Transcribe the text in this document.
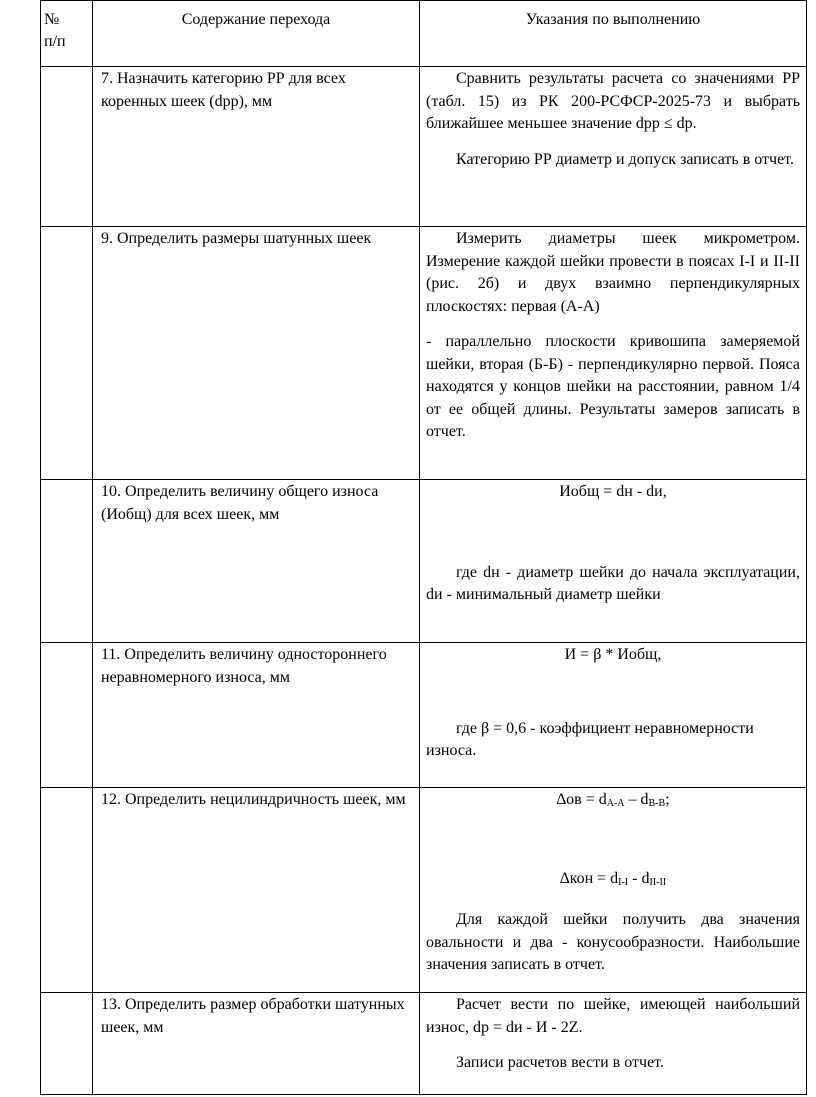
№
п/п	Содержание перехода	Указания по выполнению
	7. Назначить категорию РР для всех коренных шеек (dрр), мм	Сравнить результаты расчета со значениями РР (табл. 15) из РК 200-РСФСР-2025-73 и выбрать ближайшее меньшее значение dрр ≤ dр.
Категорию РР диаметр и допуск записать в отчет.

	9. Определить размеры шатунных шеек	Измерить диаметры шеек микрометром. Измерение каждой шейки провести в поясах I-I и II-II (рис. 2б) и двух взаимно перпендикулярных плоскостях: первая (А-А)
- параллельно плоскости кривошипа замеряемой шейки, вторая (Б-Б) - перпендикулярно первой. Пояса находятся у концов шейки на расстоянии, равном 1/4 от ее общей длины. Результаты замеров записать в отчет.

	10. Определить величину общего износа (Иобщ) для всех шеек, мм	Иобщ = dн - dи,
где dн - диаметр шейки до начала эксплуатации, dи - минимальный диаметр шейки

	11. Определить величину одностороннего неравномерного износа, мм	И = β * Иобщ,
где β = 0,6 - коэффициент неравномерности износа.

	12. Определить нецилиндричность шеек, мм	$\Delta ов = d_{А-А} - d_{В-В}$;
$\Delta кон = d_{I-I} - d_{II-II}$
Для каждой шейки получить два значения овальности и два - конусообразности. Наибольшие значения записать в отчет.

	13. Определить размер обработки шатунных шеек, мм	Расчет вести по шейке, имеющей наибольший износ, dр = dи - И - 2Z.
Записи расчетов вести в отчет.
